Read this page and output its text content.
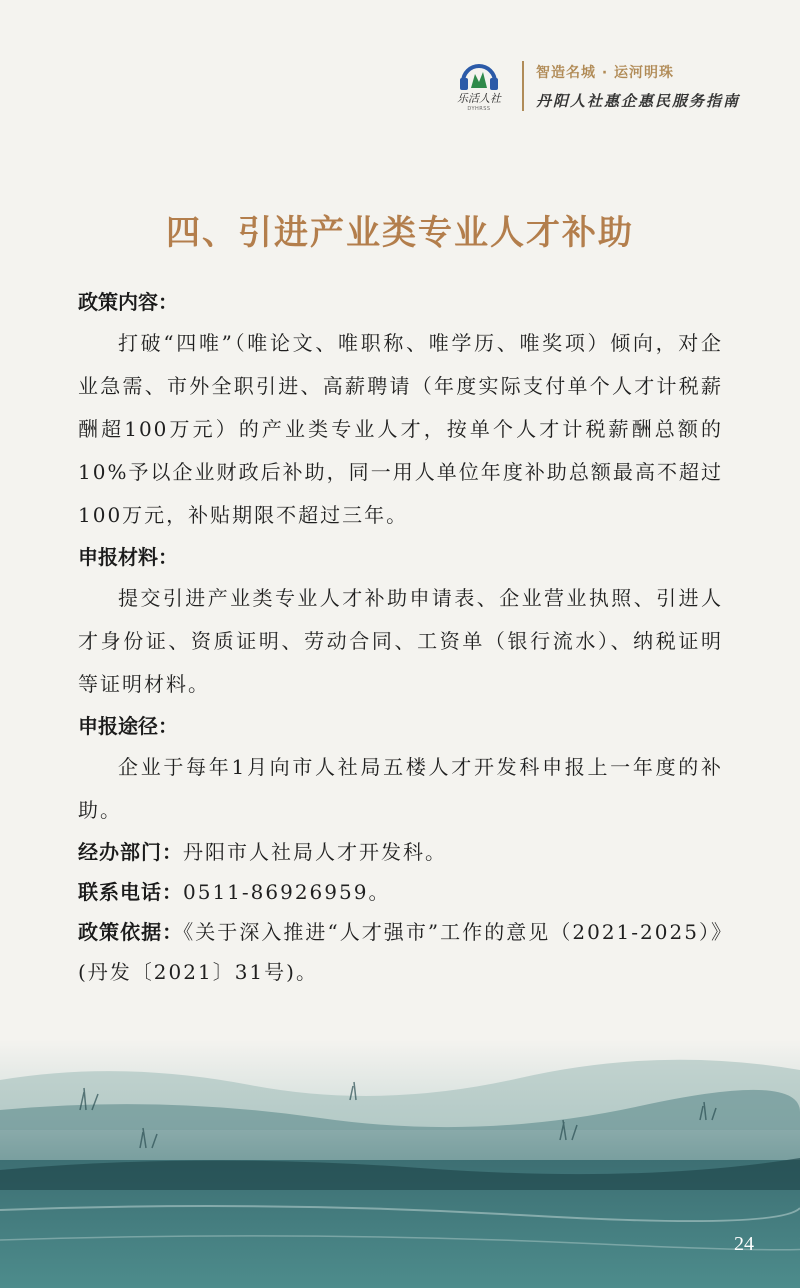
乐活人社
DYHRSS
智造名城 · 运河明珠
丹阳人社惠企惠民服务指南
四、引进产业类专业人才补助
政策内容：

打破“四唯”（唯论文、唯职称、唯学历、唯奖项）倾向，对企业急需、市外全职引进、高薪聘请（年度实际支付单个人才计税薪酬超100万元）的产业类专业人才，按单个人才计税薪酬总额的10%予以企业财政后补助，同一用人单位年度补助总额最高不超过100万元，补贴期限不超过三年。

申报材料：

提交引进产业类专业人才补助申请表、企业营业执照、引进人才身份证、资质证明、劳动合同、工资单（银行流水）、纳税证明等证明材料。

申报途径：

企业于每年1月向市人社局五楼人才开发科申报上一年度的补助。

经办部门：丹阳市人社局人才开发科。

联系电话：0511-86926959。

政策依据：《关于深入推进“人才强市”工作的意见（2021-2025）》(丹发〔2021〕31号)。

24
